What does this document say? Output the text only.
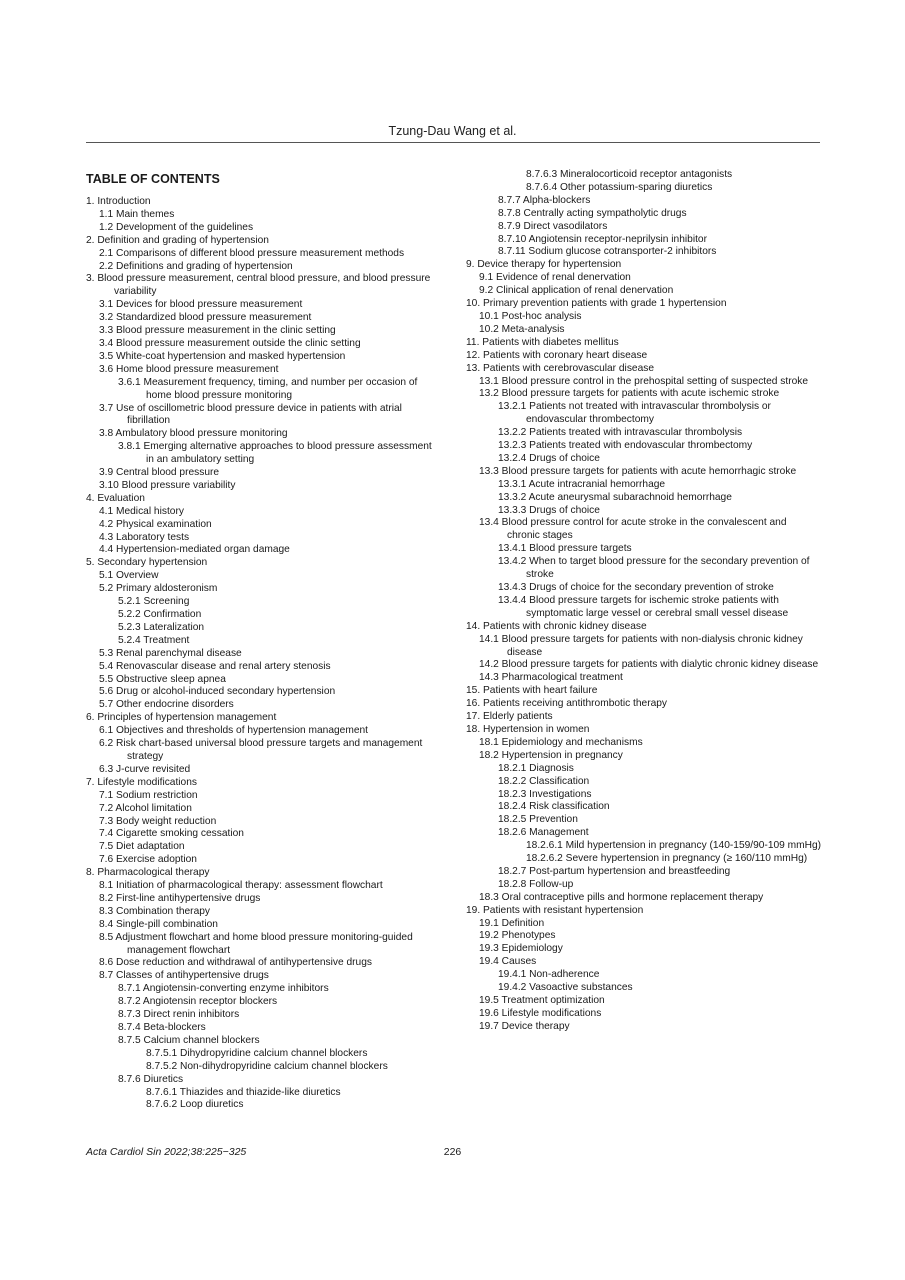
Tzung-Dau Wang et al.
TABLE OF CONTENTS
1. Introduction
1.1 Main themes
1.2 Development of the guidelines
2. Definition and grading of hypertension
2.1 Comparisons of different blood pressure measurement methods
2.2 Definitions and grading of hypertension
3. Blood pressure measurement, central blood pressure, and blood pressure variability
3.1 Devices for blood pressure measurement
3.2 Standardized blood pressure measurement
3.3 Blood pressure measurement in the clinic setting
3.4 Blood pressure measurement outside the clinic setting
3.5 White-coat hypertension and masked hypertension
3.6 Home blood pressure measurement
3.6.1 Measurement frequency, timing, and number per occasion of home blood pressure monitoring
3.7 Use of oscillometric blood pressure device in patients with atrial fibrillation
3.8 Ambulatory blood pressure monitoring
3.8.1 Emerging alternative approaches to blood pressure assessment in an ambulatory setting
3.9 Central blood pressure
3.10 Blood pressure variability
4. Evaluation
4.1 Medical history
4.2 Physical examination
4.3 Laboratory tests
4.4 Hypertension-mediated organ damage
5. Secondary hypertension
5.1 Overview
5.2 Primary aldosteronism
5.2.1 Screening
5.2.2 Confirmation
5.2.3 Lateralization
5.2.4 Treatment
5.3 Renal parenchymal disease
5.4 Renovascular disease and renal artery stenosis
5.5 Obstructive sleep apnea
5.6 Drug or alcohol-induced secondary hypertension
5.7 Other endocrine disorders
6. Principles of hypertension management
6.1 Objectives and thresholds of hypertension management
6.2 Risk chart-based universal blood pressure targets and management strategy
6.3 J-curve revisited
7. Lifestyle modifications
7.1 Sodium restriction
7.2 Alcohol limitation
7.3 Body weight reduction
7.4 Cigarette smoking cessation
7.5 Diet adaptation
7.6 Exercise adoption
8. Pharmacological therapy
8.1 Initiation of pharmacological therapy: assessment flowchart
8.2 First-line antihypertensive drugs
8.3 Combination therapy
8.4 Single-pill combination
8.5 Adjustment flowchart and home blood pressure monitoring-guided management flowchart
8.6 Dose reduction and withdrawal of antihypertensive drugs
8.7 Classes of antihypertensive drugs
8.7.1 Angiotensin-converting enzyme inhibitors
8.7.2 Angiotensin receptor blockers
8.7.3 Direct renin inhibitors
8.7.4 Beta-blockers
8.7.5 Calcium channel blockers
8.7.5.1 Dihydropyridine calcium channel blockers
8.7.5.2 Non-dihydropyridine calcium channel blockers
8.7.6 Diuretics
8.7.6.1 Thiazides and thiazide-like diuretics
8.7.6.2 Loop diuretics
8.7.6.3 Mineralocorticoid receptor antagonists
8.7.6.4 Other potassium-sparing diuretics
8.7.7 Alpha-blockers
8.7.8 Centrally acting sympatholytic drugs
8.7.9 Direct vasodilators
8.7.10 Angiotensin receptor-neprilysin inhibitor
8.7.11 Sodium glucose cotransporter-2 inhibitors
9. Device therapy for hypertension
9.1 Evidence of renal denervation
9.2 Clinical application of renal denervation
10. Primary prevention patients with grade 1 hypertension
10.1 Post-hoc analysis
10.2 Meta-analysis
11. Patients with diabetes mellitus
12. Patients with coronary heart disease
13. Patients with cerebrovascular disease
13.1 Blood pressure control in the prehospital setting of suspected stroke
13.2 Blood pressure targets for patients with acute ischemic stroke
13.2.1 Patients not treated with intravascular thrombolysis or endovascular thrombectomy
13.2.2 Patients treated with intravascular thrombolysis
13.2.3 Patients treated with endovascular thrombectomy
13.2.4 Drugs of choice
13.3 Blood pressure targets for patients with acute hemorrhagic stroke
13.3.1 Acute intracranial hemorrhage
13.3.2 Acute aneurysmal subarachnoid hemorrhage
13.3.3 Drugs of choice
13.4 Blood pressure control for acute stroke in the convalescent and chronic stages
13.4.1 Blood pressure targets
13.4.2 When to target blood pressure for the secondary prevention of stroke
13.4.3 Drugs of choice for the secondary prevention of stroke
13.4.4 Blood pressure targets for ischemic stroke patients with symptomatic large vessel or cerebral small vessel disease
14. Patients with chronic kidney disease
14.1 Blood pressure targets for patients with non-dialysis chronic kidney disease
14.2 Blood pressure targets for patients with dialytic chronic kidney disease
14.3 Pharmacological treatment
15. Patients with heart failure
16. Patients receiving antithrombotic therapy
17. Elderly patients
18. Hypertension in women
18.1 Epidemiology and mechanisms
18.2 Hypertension in pregnancy
18.2.1 Diagnosis
18.2.2 Classification
18.2.3 Investigations
18.2.4 Risk classification
18.2.5 Prevention
18.2.6 Management
18.2.6.1 Mild hypertension in pregnancy (140-159/90-109 mmHg)
18.2.6.2 Severe hypertension in pregnancy (≥ 160/110 mmHg)
18.2.7 Post-partum hypertension and breastfeeding
18.2.8 Follow-up
18.3 Oral contraceptive pills and hormone replacement therapy
19. Patients with resistant hypertension
19.1 Definition
19.2 Phenotypes
19.3 Epidemiology
19.4 Causes
19.4.1 Non-adherence
19.4.2 Vasoactive substances
19.5 Treatment optimization
19.6 Lifestyle modifications
19.7 Device therapy
Acta Cardiol Sin 2022;38:225−325	226
